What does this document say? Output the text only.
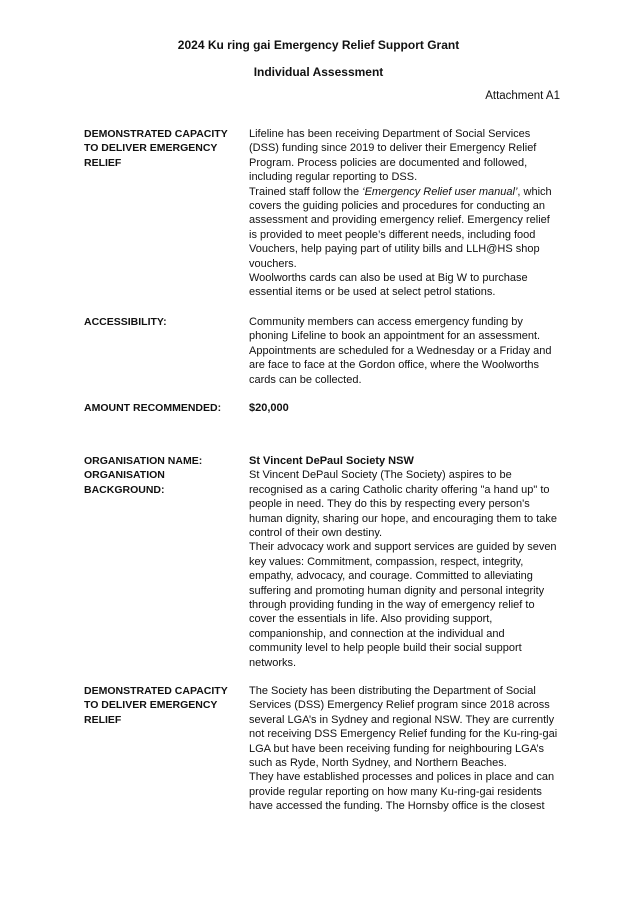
2024 Ku ring gai Emergency Relief Support Grant
Individual Assessment
Attachment A1
DEMONSTRATED CAPACITY TO DELIVER EMERGENCY RELIEF

Lifeline has been receiving Department of Social Services (DSS) funding since 2019 to deliver their Emergency Relief Program. Process policies are documented and followed, including regular reporting to DSS.

Trained staff follow the ‘Emergency Relief user manual’, which covers the guiding policies and procedures for conducting an assessment and providing emergency relief. Emergency relief is provided to meet people’s different needs, including food Vouchers, help paying part of utility bills and LLH@HS shop vouchers.

Woolworths cards can also be used at Big W to purchase essential items or be used at select petrol stations.

ACCESSIBILITY:	Community members can access emergency funding by phoning Lifeline to book an appointment for an assessment. Appointments are scheduled for a Wednesday or a Friday and are face to face at the Gordon office, where the Woolworths cards can be collected.
AMOUNT RECOMMENDED:	$20,000
ORGANISATION NAME:
ORGANISATION BACKGROUND:

St Vincent DePaul Society NSW

St Vincent DePaul Society (The Society) aspires to be recognised as a caring Catholic charity offering "a hand up" to people in need. They do this by respecting every person's human dignity, sharing our hope, and encouraging them to take control of their own destiny.

Their advocacy work and support services are guided by seven key values: Commitment, compassion, respect, integrity, empathy, advocacy, and courage. Committed to alleviating suffering and promoting human dignity and personal integrity through providing funding in the way of emergency relief to cover the essentials in life. Also providing support, companionship, and connection at the individual and community level to help people build their social support networks.

DEMONSTRATED CAPACITY TO DELIVER EMERGENCY RELIEF

The Society has been distributing the Department of Social Services (DSS) Emergency Relief program since 2018 across several LGA’s in Sydney and regional NSW. They are currently not receiving DSS Emergency Relief funding for the Ku-ring-gai LGA but have been receiving funding for neighbouring LGA’s such as Ryde, North Sydney, and Northern Beaches.

They have established processes and polices in place and can provide regular reporting on how many Ku-ring-gai residents have accessed the funding. The Hornsby office is the closest
